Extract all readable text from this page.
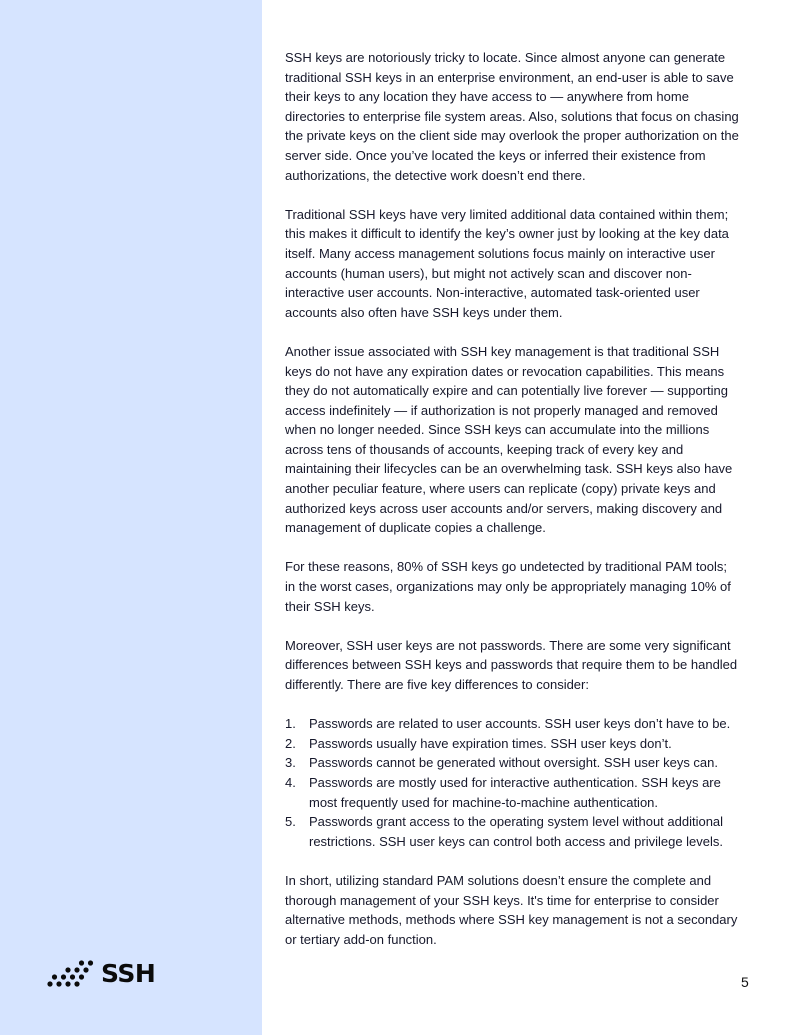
SSH

SSH keys are notoriously tricky to locate. Since almost anyone can generate traditional SSH keys in an enterprise environment, an end-user is able to save their keys to any location they have access to — anywhere from home directories to enterprise file system areas. Also, solutions that focus on chasing the private keys on the client side may overlook the proper authorization on the server side. Once you’ve located the keys or inferred their existence from authorizations, the detective work doesn’t end there.

Traditional SSH keys have very limited additional data contained within them; this makes it difficult to identify the key’s owner just by looking at the key data itself. Many access management solutions focus mainly on interactive user accounts (human users), but might not actively scan and discover non-interactive user accounts. Non-interactive, automated task-oriented user accounts also often have SSH keys under them.

Another issue associated with SSH key management is that traditional SSH keys do not have any expiration dates or revocation capabilities. This means they do not automatically expire and can potentially live forever — supporting access indefinitely — if authorization is not properly managed and removed when no longer needed. Since SSH keys can accumulate into the millions across tens of thousands of accounts, keeping track of every key and maintaining their lifecycles can be an overwhelming task. SSH keys also have another peculiar feature, where users can replicate (copy) private keys and authorized keys across user accounts and/or servers, making discovery and management of duplicate copies a challenge.

For these reasons, 80% of SSH keys go undetected by traditional PAM tools; in the worst cases, organizations may only be appropriately managing 10% of their SSH keys.

Moreover, SSH user keys are not passwords. There are some very significant differences between SSH keys and passwords that require them to be handled differently. There are five key differences to consider:

1. Passwords are related to user accounts. SSH user keys don’t have to be.
2. Passwords usually have expiration times. SSH user keys don’t.
3. Passwords cannot be generated without oversight. SSH user keys can.
4. Passwords are mostly used for interactive authentication. SSH keys are most frequently used for machine-to-machine authentication.
5. Passwords grant access to the operating system level without additional restrictions. SSH user keys can control both access and privilege levels.

In short, utilizing standard PAM solutions doesn’t ensure the complete and thorough management of your SSH keys. It's time for enterprise to consider alternative methods, methods where SSH key management is not a secondary or tertiary add-on function.

5
